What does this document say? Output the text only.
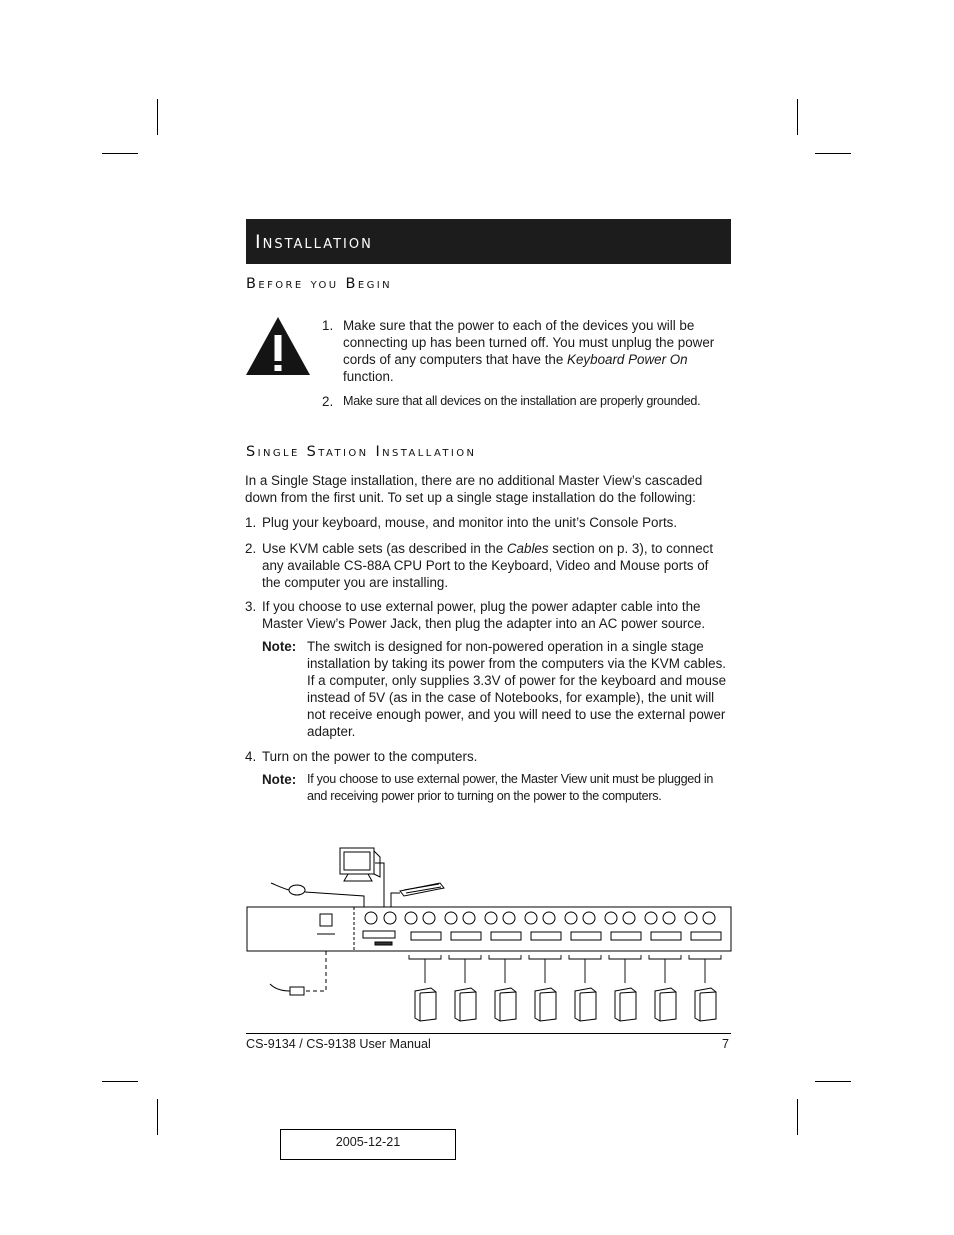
Installation
Before you Begin
1. Make sure that the power to each of the devices you will be connecting up has been turned off. You must unplug the power cords of any computers that have the Keyboard Power On function.

2. Make sure that all devices on the installation are properly grounded.

Single Station Installation

In a Single Stage installation, there are no additional Master View’s cascaded down from the first unit. To set up a single stage installation do the following:

1. Plug your keyboard, mouse, and monitor into the unit’s Console Ports.

2. Use KVM cable sets (as described in the Cables section on p. 3), to connect any available CS-88A CPU Port to the Keyboard, Video and Mouse ports of the computer you are installing.

3. If you choose to use external power, plug the power adapter cable into the Master View’s Power Jack, then plug the adapter into an AC power source.

Note: The switch is designed for non-powered operation in a single stage installation by taking its power from the computers via the KVM cables. If a computer, only supplies 3.3V of power for the keyboard and mouse instead of 5V (as in the case of Notebooks, for example), the unit will not receive enough power, and you will need to use the external power adapter.

4. Turn on the power to the computers.

Note: If you choose to use external power, the Master View unit must be plugged in and receiving power prior to turning on the power to the computers.

CS-9134 / CS-9138 User Manual	7
2005-12-21
